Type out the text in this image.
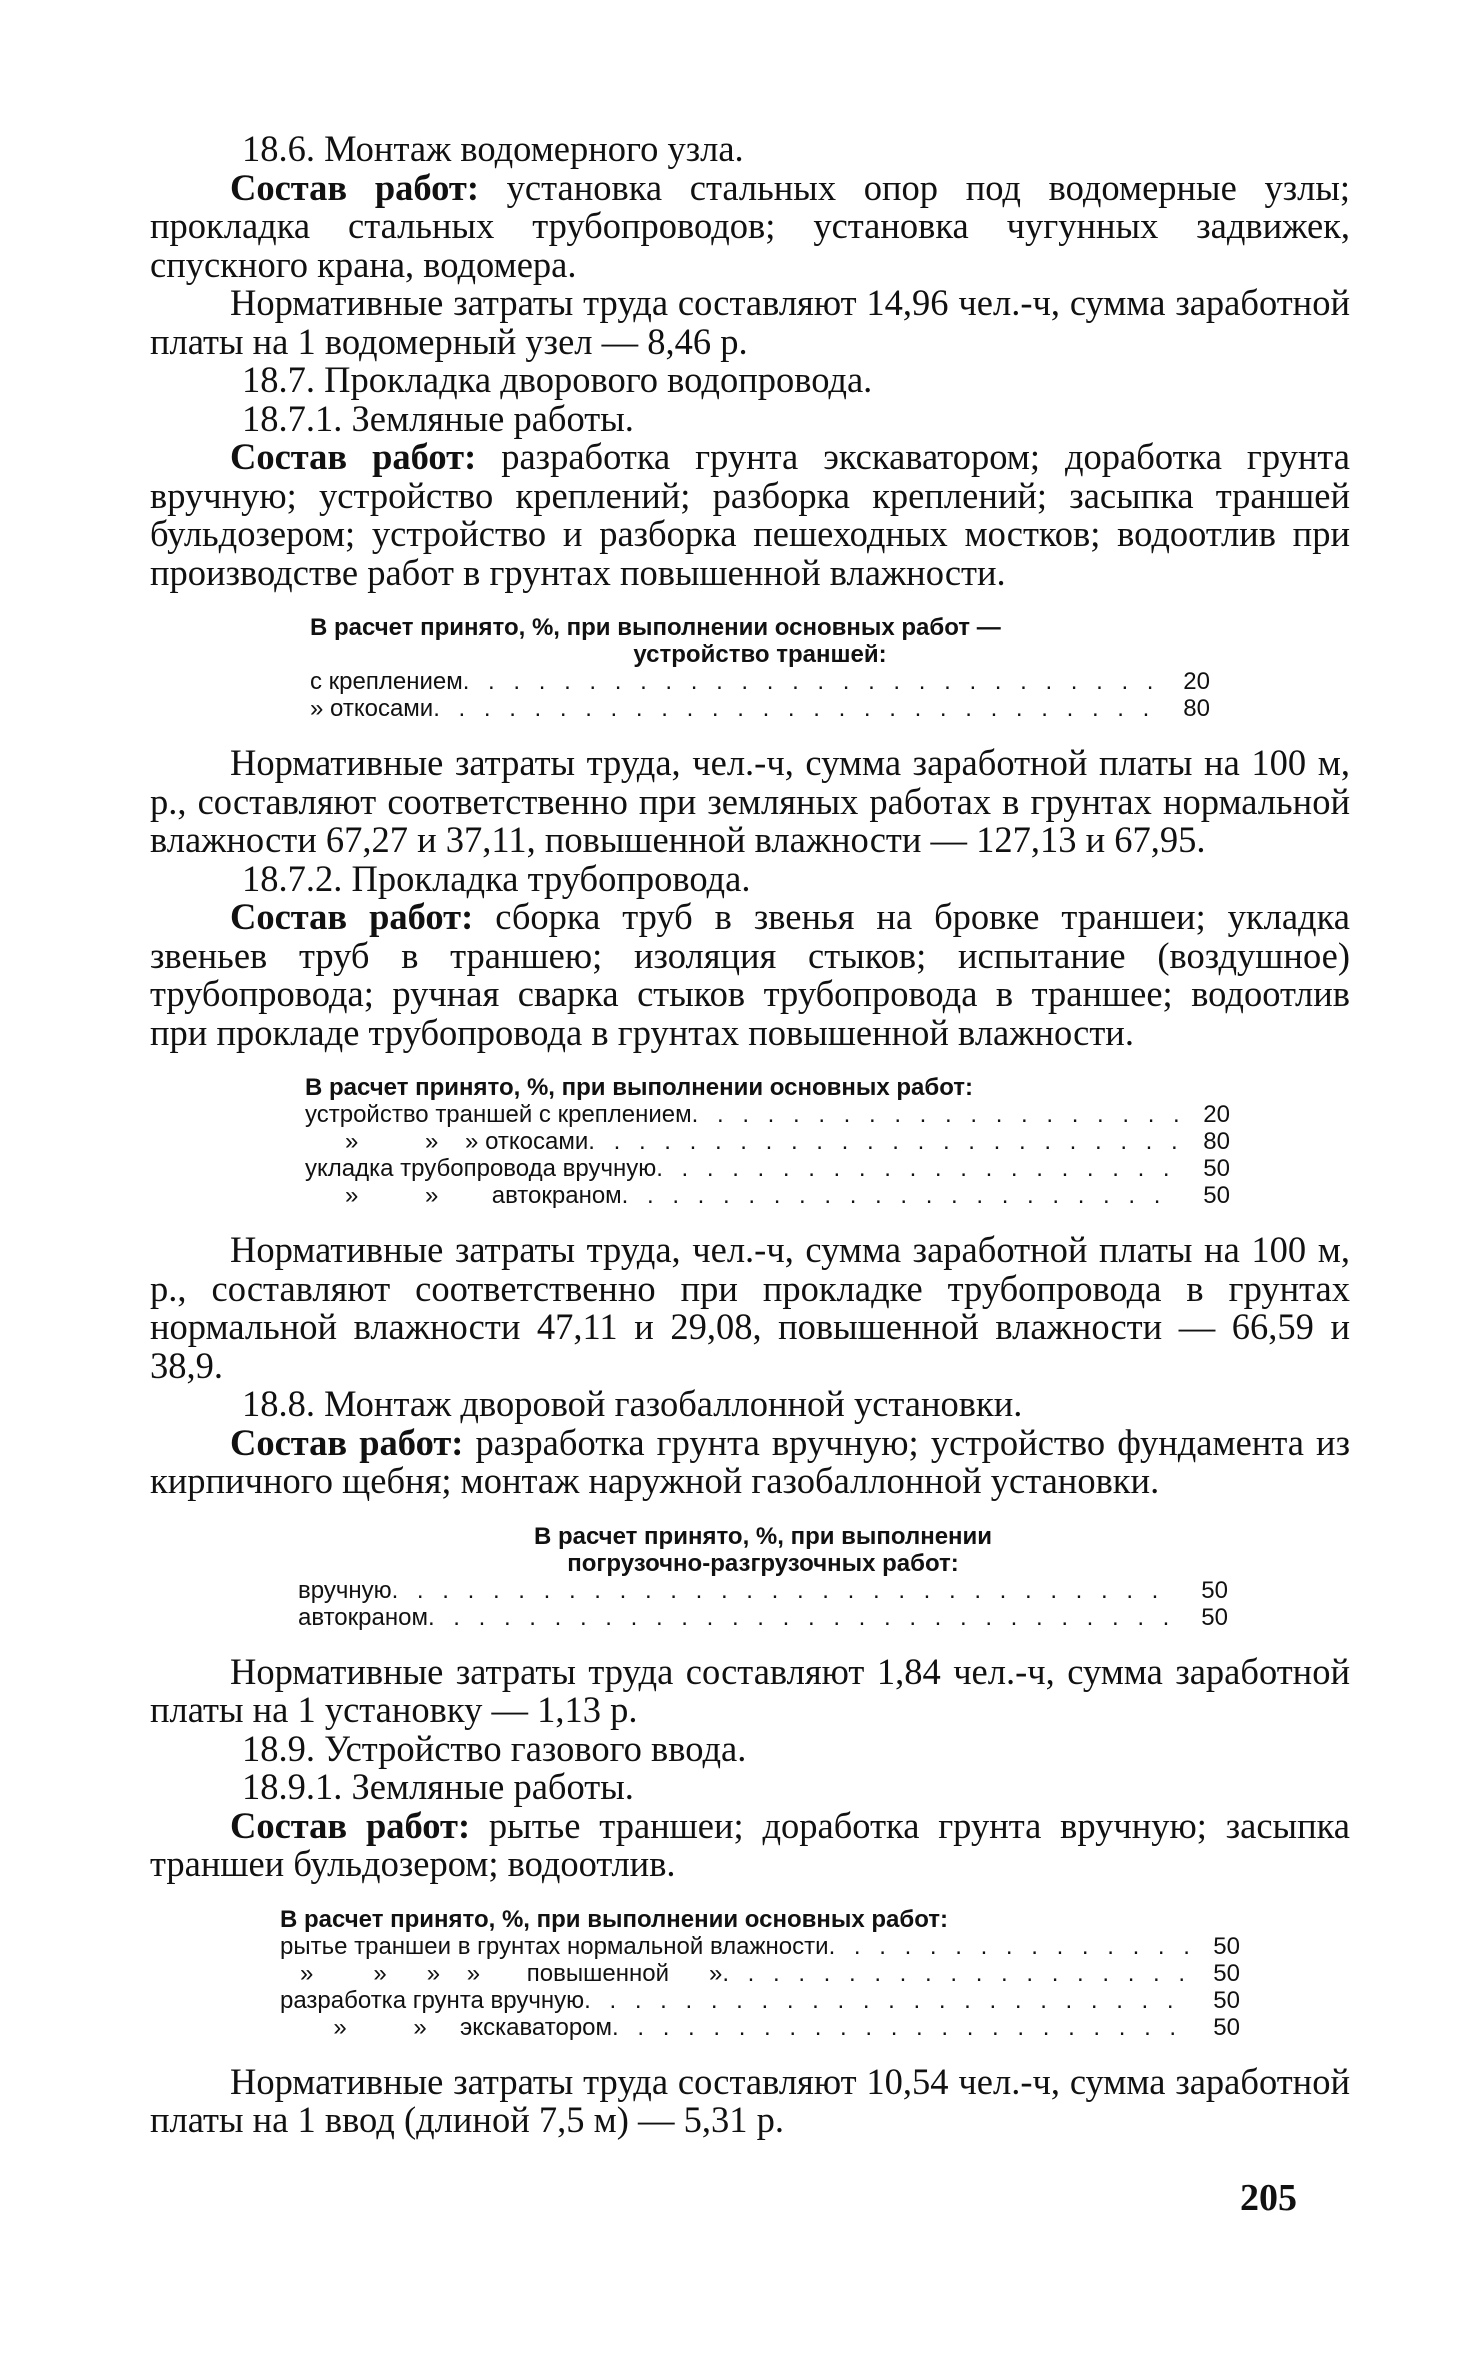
18.6. Монтаж водомерного узла.

Состав работ: установка стальных опор под водомерные узлы; прокладка стальных трубопроводов; установка чугунных задвижек, спускного крана, водомера.

Нормативные затраты труда составляют 14,96 чел.-ч, сумма заработной платы на 1 водомерный узел — 8,46 р.

18.7. Прокладка дворового водопровода.

18.7.1. Земляные работы.

Состав работ: разработка грунта экскаватором; доработка грунта вручную; устройство креплений; разборка креплений; засыпка траншей бульдозером; устройство и разборка пешеходных мостков; водоотлив при производстве работ в грунтах повышенной влажности.

В расчет принято, %, при выполнении основных работ —
устройство траншей:
с креплением . . .	20
» откосами . . .	80

Нормативные затраты труда, чел.-ч, сумма заработной платы на 100 м, р., составляют соответственно при земляных работах в грунтах нормальной влажности 67,27 и 37,11, повышенной влажности — 127,13 и 67,95.

18.7.2. Прокладка трубопровода.

Состав работ: сборка труб в звенья на бровке траншеи; укладка звеньев труб в траншею; изоляция стыков; испытание (воздушное) трубопровода; ручная сварка стыков трубопровода в траншее; водоотлив при прокладе трубопровода в грунтах повышенной влажности.

В расчет принято, %, при выполнении основных работ:
устройство траншей с креплением . . .	20
»          »    » откосами . . .	80
укладка трубопровода вручную . . .	50
»          »        автокраном . . .	50

Нормативные затраты труда, чел.-ч, сумма заработной платы на 100 м, р., составляют соответственно при прокладке трубопровода в грунтах нормальной влажности 47,11 и 29,08, повышенной влажности — 66,59 и 38,9.

18.8. Монтаж дворовой газобаллонной установки.

Состав работ: разработка грунта вручную; устройство фундамента из кирпичного щебня; монтаж наружной газобаллонной установки.

В расчет принято, %, при выполнении
погрузочно-разгрузочных работ:
вручную . . .	50
автокраном . . .	50

Нормативные затраты труда составляют 1,84 чел.-ч, сумма заработной платы на 1 установку — 1,13 р.

18.9. Устройство газового ввода.

18.9.1. Земляные работы.

Состав работ: рытье траншеи; доработка грунта вручную; засыпка траншеи бульдозером; водоотлив.

В расчет принято, %, при выполнении основных работ:
рытье траншеи в грунтах нормальной влажности . . .	50
»         »      »    »       повышенной      » . . .	50
разработка грунта вручную . . .	50
»          »     экскаватором . . .	50

Нормативные затраты труда составляют 10,54 чел.-ч, сумма заработной платы на 1 ввод (длиной 7,5 м) — 5,31 р.

205
